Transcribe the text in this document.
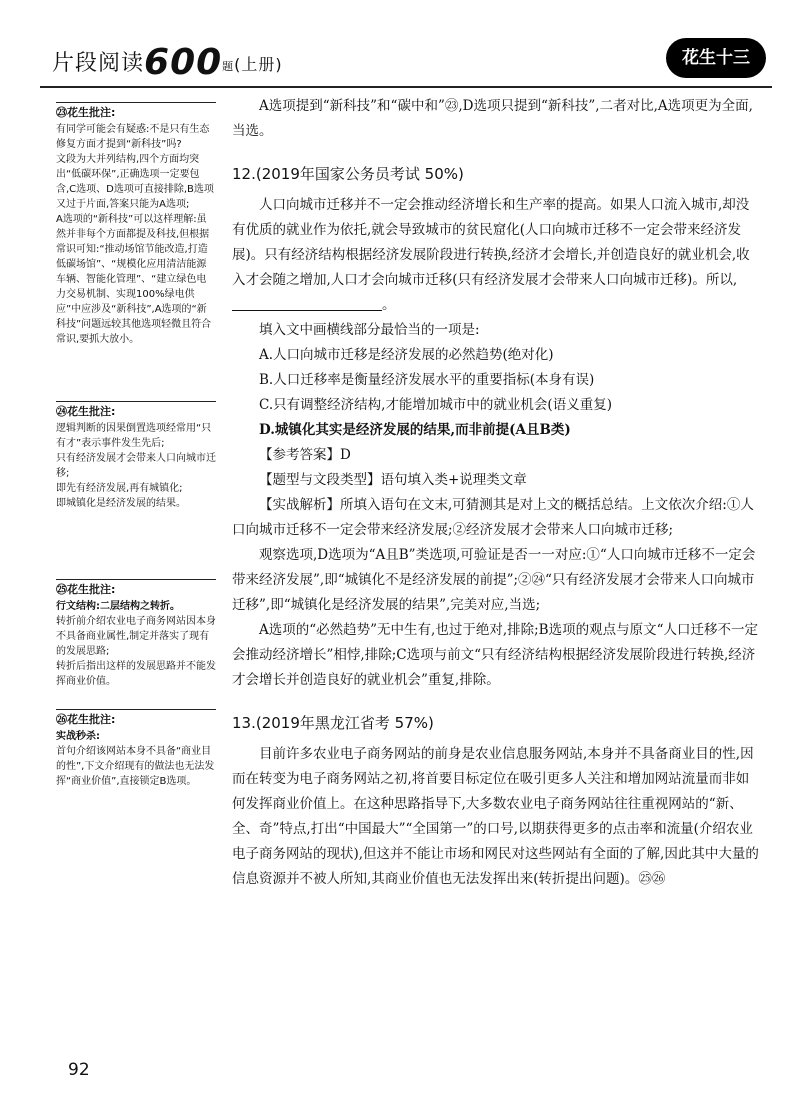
片段阅读600题(上册)	花生十三
㉓花生批注:

有同学可能会有疑惑:不是只有生态修复方面才提到“新科技”吗?

文段为大并列结构,四个方面均突出“低碳环保”,正确选项一定要包含,C选项、D选项可直接排除,B选项又过于片面,答案只能为A选项;

A选项的“新科技”可以这样理解:虽然并非每个方面都提及科技,但根据常识可知:“推动场馆节能改造,打造低碳场馆”、“规模化应用清洁能源车辆、智能化管理”、“建立绿色电力交易机制、实现100%绿电供应”中应涉及“新科技”,A选项的“新科技”问题远较其他选项轻微且符合常识,要抓大放小。

㉔花生批注:

逻辑判断的因果倒置选项经常用“只有才”表示事件发生先后;

只有经济发展才会带来人口向城市迁移;

即先有经济发展,再有城镇化;

即城镇化是经济发展的结果。

㉕花生批注:

行文结构:二层结构之转折。

转折前介绍农业电子商务网站因本身不具备商业属性,制定并落实了现有的发展思路;

转折后指出这样的发展思路并不能发挥商业价值。

㉖花生批注:

实战秒杀:

首句介绍该网站本身不具备“商业目的性”,下文介绍现有的做法也无法发挥“商业价值”,直接锁定B选项。

A选项提到“新科技”和“碳中和”㉓,D选项只提到“新科技”,二者对比,A选项更为全面,当选。

12.(2019年国家公务员考试 50%)

人口向城市迁移并不一定会推动经济增长和生产率的提高。如果人口流入城市,却没有优质的就业作为依托,就会导致城市的贫民窟化(人口向城市迁移不一定会带来经济发展)。只有经济结构根据经济发展阶段进行转换,经济才会增长,并创造良好的就业机会,收入才会随之增加,人口才会向城市迁移(只有经济发展才会带来人口向城市迁移)。所以,。

填入文中画横线部分最恰当的一项是:

A.人口向城市迁移是经济发展的必然趋势(绝对化)

B.人口迁移率是衡量经济发展水平的重要指标(本身有误)

C.只有调整经济结构,才能增加城市中的就业机会(语义重复)

D.城镇化其实是经济发展的结果,而非前提(A且B类)

【参考答案】D

【题型与文段类型】语句填入类+说理类文章

【实战解析】所填入语句在文末,可猜测其是对上文的概括总结。上文依次介绍:①人口向城市迁移不一定会带来经济发展;②经济发展才会带来人口向城市迁移;

观察选项,D选项为“A且B”类选项,可验证是否一一对应:①“人口向城市迁移不一定会带来经济发展”,即“城镇化不是经济发展的前提”;②㉔“只有经济发展才会带来人口向城市迁移”,即“城镇化是经济发展的结果”,完美对应,当选;

A选项的“必然趋势”无中生有,也过于绝对,排除;B选项的观点与原文“人口迁移不一定会推动经济增长”相悖,排除;C选项与前文“只有经济结构根据经济发展阶段进行转换,经济才会增长并创造良好的就业机会”重复,排除。

13.(2019年黑龙江省考 57%)

目前许多农业电子商务网站的前身是农业信息服务网站,本身并不具备商业目的性,因而在转变为电子商务网站之初,将首要目标定位在吸引更多人关注和增加网站流量而非如何发挥商业价值上。在这种思路指导下,大多数农业电子商务网站往往重视网站的“新、全、奇”特点,打出“中国最大”“全国第一”的口号,以期获得更多的点击率和流量(介绍农业电子商务网站的现状),但这并不能让市场和网民对这些网站有全面的了解,因此其中大量的信息资源并不被人所知,其商业价值也无法发挥出来(转折提出问题)。㉕㉖

92
